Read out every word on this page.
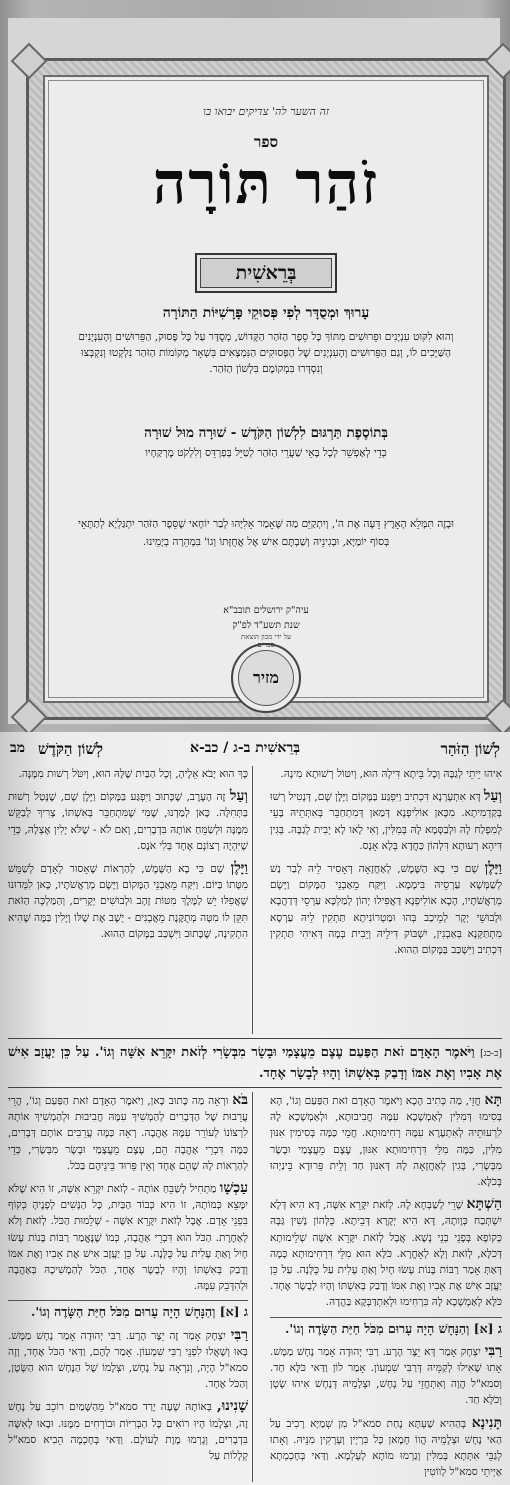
זה השער לה' צדיקים יבואו בו
ספר
זֹהַר תּוֹרָה
בְּרֵאשִׁית
עָרוּךְ וּמְסֻדָּר לְפִי פְּסוּקֵי פָּרָשִׁיּוֹת הַתּוֹרָה
וְהוּא לִקּוּט עִנְיָנִים וּפֵרוּשִׁים מִתּוֹךְ כָּל סֵפֶר הַזֹּהַר הַקָּדוֹשׁ, מְסֻדָּר עַל כָּל פָּסוּק, הַפֵּרוּשִׁים וְהָעִנְיָנִים הַשַּׁיָּכִים לוֹ, וְגַם הַפֵּרוּשִׁים וְהָעִנְיָנִים שֶׁל הַפְּסוּקִים הַנִּמְצָאִים בִּשְׁאָר מְקוֹמוֹת הַזֹּהַר נִלְקְטוּ וְנִקְבְּצוּ וְנִסְדְּרוּ בִּמְקוֹמָם בִּלְשׁוֹן הַזֹּהַר.
בְּתוֹסֶפֶת תַּרְגּוּם לִלְשׁוֹן הַקֹּדֶשׁ - שׁוּרָה מוּל שׁוּרָה
כְּדֵי לְאַפְשֵׁר לְכָל בָּאֵי שַׁעֲרֵי הַזֹּהַר לְטַיֵּל בְּפַרְדֵּס וְלִלְקֹט מֶרְקַחָיו
וּבָזֶה תִּמָּלֵא הָאָרֶץ דֵּעָה אֶת ה', וְיִתְקַיֵּם מַה שֶּׁאָמַר אֵלִיָּהוּ לְבַר יוֹחָאי שֶׁסֵּפֶר הַזֹּהַר יִתְגַּלְיָא לְתַתָּאֵי בְּסוֹף יוֹמַיָּא, וּבְגִינֵיהּ וְשַׁבְתֶּם אִישׁ אֶל אֲחֻזָּתוֹ וְגוֹ' בִּמְהֵרָה בְיָמֵינוּ.
עיה"ק ירושלים תובב"א
שנת תשע"ד לפ"ק
על ידי מכון הוצאת ספרים
מזיר
לְשׁוֹן הַזֹּהַר
בְּרֵאשִׁית ב-ג / כב-א
לְשׁוֹן הַקֹּדֶשׁ
מב

אִיהוּ יֵיתֵי לְגַבָּהּ וְכָל בֵּיתָא דִּילָהּ הוּא, וְיִטּוֹל רְשׁוּתָא מִינָהּ.

וְעַל דָּא אִתְעָרְנָא דִּכְתִיב וַיִּפְגַּע בַּמָּקוֹם וַיָּלֶן שָׁם, דְּנָטִיל רְשׁוּ בְּקַדְמִיתָא. מִכָּאן אוֹלִיפְנָא דְּמַאן דְּמִתְחַבֵּר בְּאִתְּתֵיהּ בָּעֵי לְמִפְלַח לָהּ וּלְבַסְּמָא לָהּ בְּמִלִּין, וְאִי לָאו לָא יְבִית לְגַבָּהּ. בְּגִין דִּיהֵא רְעוּתָא דִּלְהוֹן כַּחֲדָא בְּלָא אָנָס.

וַיָּלֶן שָׁם כִּי בָא הַשֶּׁמֶשׁ, לְאַחֲזָאָה דְּאָסִיר לֵיהּ לְבַר נַשׁ לְשַׁמְּשָׁא עַרְסֵיהּ בִּימָמָא. וַיִּקַּח מֵאַבְנֵי הַמָּקוֹם וַיָּשֶׂם מְרַאֲשֹׁתָיו, הָכָא אוֹלִיפְנָא דַּאֲפִילוּ יְהוֹן לְמַלְכָּא עַרְסֵי דְּדַהֲבָא וּלְבוּשֵׁי יְקָר לְמֵיכַב בְּהוּ וּמַטְרוֹנִיתָא תַּתְקִין לֵיהּ עַרְסָא מִתְתַּקְּנָא בְּאַבְנִין, יִשְׁבּוֹק דִּילֵיהּ וְיֵבִית בְּמָה דְּאִיהִי תַּתְקִין דִּכְתִיב וַיִּשְׁכַּב בַּמָּקוֹם הַהוּא.

כָּךְ הוּא יָבֹא אֵלֶיהָ, וְכָל הַבַּיִת שֶׁלָּהּ הוּא, וְיִטֹּל רְשׁוּת מִמֶּנָּה.

וְעַל זֶה הָעֶרֶב, שֶׁכָּתוּב וַיִּפְגַּע בַּמָּקוֹם וַיָּלֶן שָׁם, שֶׁנָּטַל רְשׁוּת בַּתְּחִלָּה. כָּאן לְמַדְנוּ, שֶׁמִּי שֶׁמִּתְחַבֵּר בְּאִשְׁתּוֹ, צָרִיךְ לְבַקֵּשׁ מִמֶּנָּה וּלְשַׂמֵּחַ אוֹתָהּ בִּדְבָרִים, וְאִם לֹא - שֶׁלֹּא יָלִין אֶצְלָהּ, כְּדֵי שֶׁיִּהְיֶה רְצוֹנָם אֶחָד בְּלִי אֹנֶס.

וַיָּלֶן שָׁם כִּי בָא הַשֶּׁמֶשׁ, לְהַרְאוֹת שֶׁאָסוּר לְאָדָם לְשַׁמֵּשׁ מִטָּתוֹ בַּיּוֹם. וַיִּקַּח מֵאַבְנֵי הַמָּקוֹם וַיָּשֶׂם מְרַאֲשֹׁתָיו, כָּאן לִמְּדוּנוּ שֶׁאֲפִלּוּ יֵשׁ לַמֶּלֶךְ מִטּוֹת זָהָב וּלְבוּשִׁים יְקָרִים, וְהַמַּלְכָּה הַזֹּאת תִּקֵּן לוֹ מִטָּה מְתֻקֶּנֶת מֵאֲבָנִים - יָשֶׁב אֶת שֶׁלּוֹ וְיָלִין בַּמֶּה שֶׁהִיא הִתְקִינָה, שֶׁכָּתוּב וַיִּשְׁכַּב בַּמָּקוֹם הַהוּא.

[כ-כג] וַיֹּאמֶר הָאָדָם זֹאת הַפַּעַם עֶצֶם מֵעֲצָמַי וּבָשָׂר מִבְּשָׂרִי לְזֹאת יִקָּרֵא אִשָּׁה וְגוֹ'. עַל כֵּן יַעֲזָב אִישׁ אֶת אָבִיו וְאֶת אִמּוֹ וְדָבַק בְּאִשְׁתּוֹ וְהָיוּ לְבָשָׂר אֶחָד.

תָּא חֲזֵי, מַה כְּתִיב הָכָא וַיֹּאמֶר הָאָדָם זֹאת הַפַּעַם וְגוֹ', הָא בְּסִימוּ דְּמִלִּין לְאַמְשָׁכָא עִמָּהּ חֲבִיבוּתָא, וּלְאַמְשָׁכָא לָהּ לִרְעוּתֵיהּ לְאִתְעָרָא עִמָּהּ רְחִימוּתָא. חֲמֵי כַּמָּה בְּסִימִין אִנּוּן מִלִּין, כַּמָּה מִלֵּי דִּרְחִימוּתָא אִנּוּן, עֶצֶם מֵעֲצָמַי וּבָשָׂר מִבְּשָׂרִי, בְּגִין לְאַחֲזָאָה לָהּ דְּאִנּוּן חַד וְלֵית פֵּרוּדָא בֵּינַיְהוּ בְּכֹלָּא.

הַשְׁתָּא שָׁרֵי לְשַׁבְּחָא לָהּ. לְזֹאת יִקָּרֵא אִשָּׁה, דָּא הִיא דְּלָא יִשְׁתְּכַח כְּוָותָהּ, דָּא הִיא יְקָרָא דְּבֵיתָא. כֻּלְּהוֹן נָשִׁין גַּבָּהּ כְּקוֹפָא בְּפָנֵי בְנֵי נָשָׁא. אֲבָל לְזֹאת יִקָּרֵא אִשָּׁה שְׁלֵימוּתָא דְּכֹלָּא, לְזֹאת וְלָא לְאָחֳרָא. כֹּלָּא הוּא מִלֵּי דִּרְחִימוּתָא כְּמָה דְּאַתְּ אָמַר רַבּוֹת בָּנוֹת עָשׂוּ חָיִל וְאַתְּ עָלִית עַל כֻּלָּנָה. עַל כֵּן יַעֲזָב אִישׁ אֶת אָבִיו וְאֶת אִמּוֹ וְדָבַק בְּאִשְׁתּוֹ וְהָיוּ לְבָשָׂר אֶחָד. כֹּלָּא לְאַמְשָׁכָא לָהּ בִּרְחִימוּ וּלְאִתְדַּבְּקָא בַּהֲדָהּ.

ג [א] וְהַנָּחָשׁ הָיָה עָרוּם מִכֹּל חַיַּת הַשָּׂדֶה וְגוֹ'.

רַבִּי יִצְחָק אָמַר דָּא יֵצֶר הָרָע. רַבִּי יְהוּדָה אָמַר נָחָשׁ מַמָּשׁ. אָתוּ שָׁאִילוּ לְקַמֵּיהּ דְּרַבִּי שִׁמְעוֹן. אָמַר לוֹן וַדַּאי כֹּלָּא חַד. וְסמא"ל הֲוָה וְאִתְחֲזֵי עַל נָחָשׁ, וּצְלָמֵיהּ דְּנָחָשׁ אִיהוּ שָׂטָן וְכֹלָּא חַד.

תָּנִינָא בְּהַהִיא שַׁעְתָּא נָחַת סמא"ל מִן שְׁמַיָּא רָכִיב עַל הַאי נָחָשׁ וּצְלָמֵיהּ הֲווֹ חָמָאן כָּל בִּרְיָין וְעָרְקִין מִנֵּיהּ. וְאָתוּ לְגַבֵּי אִתְּתָא בְּמִלִּין וְגַרְמוּ מוֹתָא לְעָלְמָא. וַדַּאי בְּחָכְמְתָא אַיְיתֵי סמא"ל לְווֹטִין

בֹּא וּרְאֵה מַה כָּתוּב כָּאן, וַיֹּאמֶר הָאָדָם זֹאת הַפַּעַם וְגוֹ', הֲרֵי עֲרֵבוּת שֶׁל הַדְּבָרִים לְהַמְשִׁיךְ עִמָּהּ חֲבִיבוּת וּלְהַמְשִׁיךְ אוֹתָהּ לִרְצוֹנוֹ לְעוֹרֵר עִמָּהּ אַהֲבָה. רְאֵה כַּמָּה עֲרֵבִים אוֹתָם דְּבָרִים, כַּמָּה דִּבְרֵי אַהֲבָה הֵם, עֶצֶם מֵעֲצָמַי וּבָשָׂר מִבְּשָׂרִי, כְּדֵי לְהַרְאוֹת לָהּ שֶׁהֵם אֶחָד וְאֵין פֵּרוּד בֵּינֵיהֶם בַּכֹּל.

עַכְשָׁו מַתְחִיל לְשַׁבֵּחַ אוֹתָהּ - לְזֹאת יִקָּרֵא אִשָּׁה, זוֹ הִיא שֶׁלֹּא יִמָּצֵא כְּמוֹתָהּ, זוֹ הִיא כְּבוֹד הַבַּיִת, כָּל הַנָּשִׁים לְפָנֶיהָ כְּקוֹף בִּפְנֵי אָדָם. אֲבָל לְזֹאת יִקָּרֵא אִשָּׁה - שְׁלֵמוּת הַכֹּל. לְזֹאת וְלֹא לְאַחֶרֶת. הַכֹּל הוּא דִּבְרֵי אַהֲבָה, כְּמוֹ שֶׁנֶּאֱמַר רַבּוֹת בָּנוֹת עָשׂוּ חָיִל וְאַתְּ עָלִית עַל כֻּלָּנָה. עַל כֵּן יַעֲזָב אִישׁ אֶת אָבִיו וְאֶת אִמּוֹ וְדָבַק בְּאִשְׁתּוֹ וְהָיוּ לְבָשָׂר אֶחָד, הַכֹּל לְהַמְשִׁיכָהּ בְּאַהֲבָה וּלְהִדָּבֵק עִמָּהּ.

ג [א] וְהַנָּחָשׁ הָיָה עָרוּם מִכֹּל חַיַּת הַשָּׂדֶה וְגוֹ'.

רַבִּי יִצְחָק אָמַר זֶה יֵצֶר הָרָע. רַבִּי יְהוּדָה אָמַר נָחָשׁ מַמָּשׁ. בָּאוּ וְשָׁאֲלוּ לִפְנֵי רַבִּי שִׁמְעוֹן. אָמַר לָהֶם, וַדַּאי הַכֹּל אֶחָד, וְזֶה סמא"ל הָיָה, וְנִרְאָה עַל נָחָשׁ, וּצְלָמוֹ שֶׁל הַנָּחָשׁ הוּא הַשָּׂטָן, וְהַכֹּל אֶחָד.

שָׁנִינוּ, בְּאוֹתָהּ שָׁעָה יָרַד סמא"ל מֵהַשָּׁמַיִם רוֹכֵב עַל נָחָשׁ זֶה, וּצְלָמוֹ הָיוּ רוֹאִים כָּל הַבְּרִיּוֹת וּבוֹרְחִים מִמֶּנּוּ. וּבָאוּ לָאִשָּׁה בִּדְבָרִים, וְגָרְמוּ מָוֶת לָעוֹלָם. וַדַּאי בְּחָכְמָה הֵבִיא סמא"ל קְלָלוֹת עַל
